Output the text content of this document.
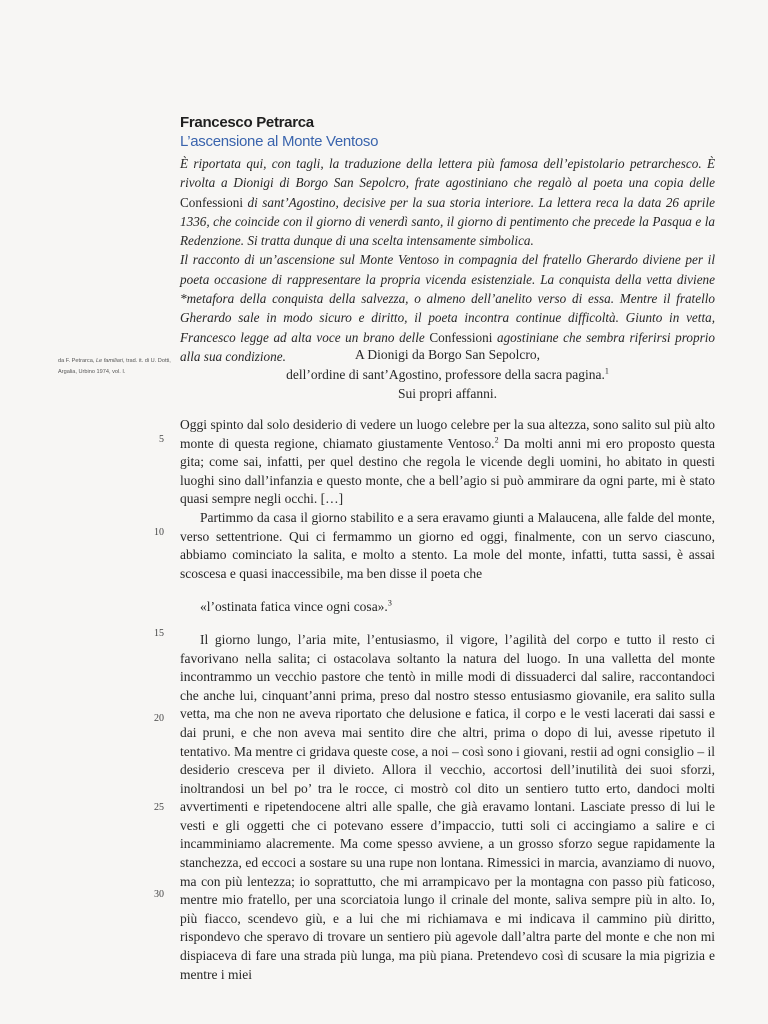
Francesco Petrarca
L’ascensione al Monte Ventoso

È riportata qui, con tagli, la traduzione della lettera più famosa dell’epistolario petrarchesco. È rivolta a Dionigi di Borgo San Sepolcro, frate agostiniano che regalò al poeta una copia delle Confessioni di sant’Agostino, decisive per la sua storia interiore. La lettera reca la data 26 aprile 1336, che coincide con il giorno di venerdì santo, il giorno di pentimento che precede la Pasqua e la Redenzione. Si tratta dunque di una scelta intensamente simbolica.

Il racconto di un’ascensione sul Monte Ventoso in compagnia del fratello Gherardo diviene per il poeta occasione di rappresentare la propria vicenda esistenziale. La conquista della vetta diviene *metafora della conquista della salvezza, o almeno dell’anelito verso di essa. Mentre il fratello Gherardo sale in modo sicuro e diritto, il poeta incontra continue difficoltà. Giunto in vetta, Francesco legge ad alta voce un brano delle Confessioni agostiniane che sembra riferirsi proprio alla sua condizione.

da F. Petrarca, Le familiari, trad. it. di U. Dotti, Argalia, Urbino 1974, vol. I.
A Dionigi da Borgo San Sepolcro,
dell’ordine di sant’Agostino, professore della sacra pagina.$^1$
Sui propri affanni.
5
10
15
20
25
30

Oggi spinto dal solo desiderio di vedere un luogo celebre per la sua altezza, sono salito sul più alto monte di questa regione, chiamato giustamente Ventoso.$^2$ Da molti anni mi ero proposto questa gita; come sai, infatti, per quel destino che regola le vicende degli uomini, ho abitato in questi luoghi sino dall’infanzia e questo monte, che a bell’agio si può ammirare da ogni parte, mi è stato quasi sempre negli occhi. […]

Partimmo da casa il giorno stabilito e a sera eravamo giunti a Malaucena, alle falde del monte, verso settentrione. Qui ci fermammo un giorno ed oggi, finalmente, con un servo ciascuno, abbiamo cominciato la salita, e molto a stento. La mole del monte, infatti, tutta sassi, è assai scoscesa e quasi inaccessibile, ma ben disse il poeta che

«l’ostinata fatica vince ogni cosa».$^3$

Il giorno lungo, l’aria mite, l’entusiasmo, il vigore, l’agilità del corpo e tutto il resto ci favorivano nella salita; ci ostacolava soltanto la natura del luogo. In una valletta del monte incontrammo un vecchio pastore che tentò in mille modi di dissuaderci dal salire, raccontandoci che anche lui, cinquant’anni prima, preso dal nostro stesso entusiasmo giovanile, era salito sulla vetta, ma che non ne aveva riportato che delusione e fatica, il corpo e le vesti lacerati dai sassi e dai pruni, e che non aveva mai sentito dire che altri, prima o dopo di lui, avesse ripetuto il tentativo. Ma mentre ci gridava queste cose, a noi – così sono i giovani, restii ad ogni consiglio – il desiderio cresceva per il divieto. Allora il vecchio, accortosi dell’inutilità dei suoi sforzi, inoltrandosi un bel po’ tra le rocce, ci mostrò col dito un sentiero tutto erto, dandoci molti avvertimenti e ripetendocene altri alle spalle, che già eravamo lontani. Lasciate presso di lui le vesti e gli oggetti che ci potevano essere d’impaccio, tutti soli ci accingiamo a salire e ci incamminiamo alacremente. Ma come spesso avviene, a un grosso sforzo segue rapidamente la stanchezza, ed eccoci a sostare su una rupe non lontana. Rimessici in marcia, avanziamo di nuovo, ma con più lentezza; io soprattutto, che mi arrampicavo per la montagna con passo più faticoso, mentre mio fratello, per una scorciatoia lungo il crinale del monte, saliva sempre più in alto. Io, più fiacco, scendevo giù, e a lui che mi richiamava e mi indicava il cammino più diritto, rispondevo che speravo di trovare un sentiero più agevole dall’altra parte del monte e che non mi dispiaceva di fare una strada più lunga, ma più piana. Pretendevo così di scusare la mia pigrizia e mentre i miei
